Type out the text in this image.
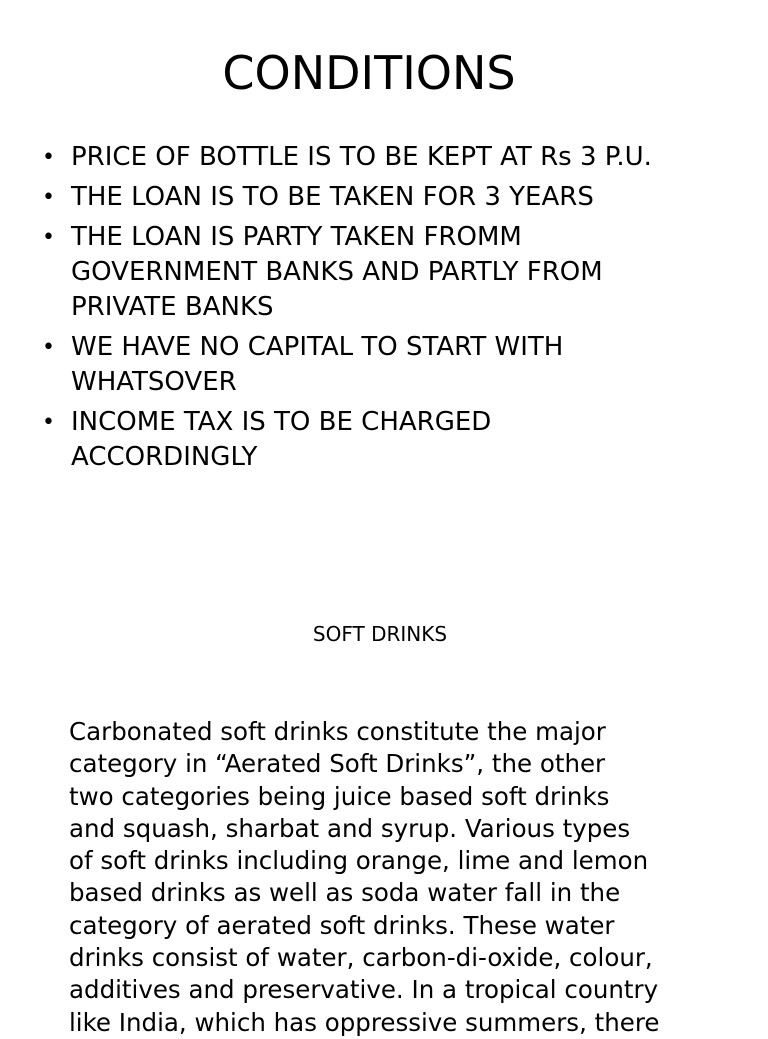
CONDITIONS
• PRICE OF BOTTLE IS TO BE KEPT AT Rs 3 P.U.
• THE LOAN IS TO BE TAKEN FOR 3 YEARS
• THE LOAN IS PARTY TAKEN FROMM
GOVERNMENT BANKS AND PARTLY FROM
PRIVATE BANKS
• WE HAVE NO CAPITAL TO START WITH
WHATSOVER
• INCOME TAX IS TO BE CHARGED
ACCORDINGLY
SOFT DRINKS

Carbonated soft drinks constitute the major
category in “Aerated Soft Drinks”, the other
two categories being juice based soft drinks
and squash, sharbat and syrup. Various types
of soft drinks including orange, lime and lemon
based drinks as well as soda water fall in the
category of aerated soft drinks. These water
drinks consist of water, carbon-di-oxide, colour,
additives and preservative. In a tropical country
like India, which has oppressive summers, there
